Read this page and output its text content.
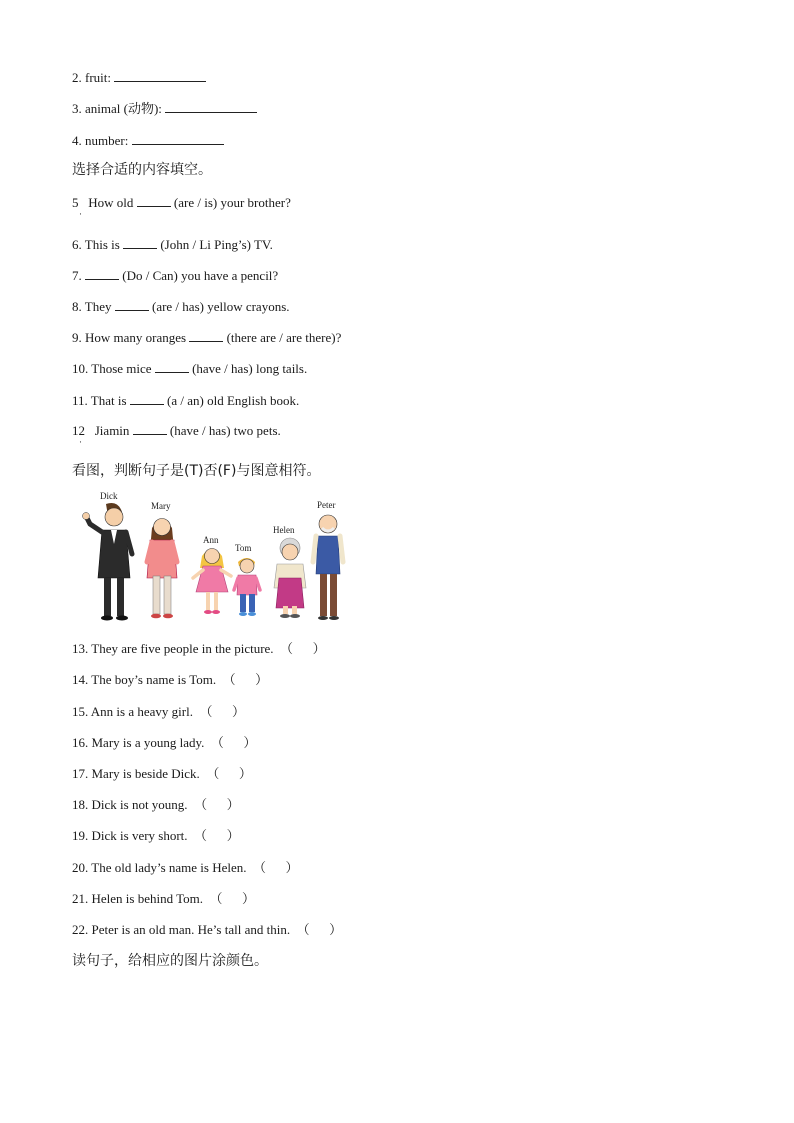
2. fruit:
3. animal (动物):
4. number:
选择合适的内容填空。
5 How old	(are / is) your brother?
·
6. This is	(John / Li Ping’s) TV.
7.	(Do / Can) you have a pencil?
8. They	(are / has) yellow crayons.
9. How many oranges	(there are / are there)?
10. Those mice	(have / has) long tails.
11. That is	(a / an) old English book.
12 Jiamin	(have / has) two pets.
·
看图，判断句子是(T)否(F)与图意相符。
Dick
Mary
Ann
Tom
Helen
Peter
13. They are five people in the picture. （ ）
14. The boy’s name is Tom. （ ）
15. Ann is a heavy girl. （ ）
16. Mary is a young lady. （ ）
17. Mary is beside Dick. （ ）
18. Dick is not young. （ ）
19. Dick is very short. （ ）
20. The old lady’s name is Helen. （ ）
21. Helen is behind Tom. （ ）
22. Peter is an old man. He’s tall and thin. （ ）
读句子，给相应的图片涂颜色。
